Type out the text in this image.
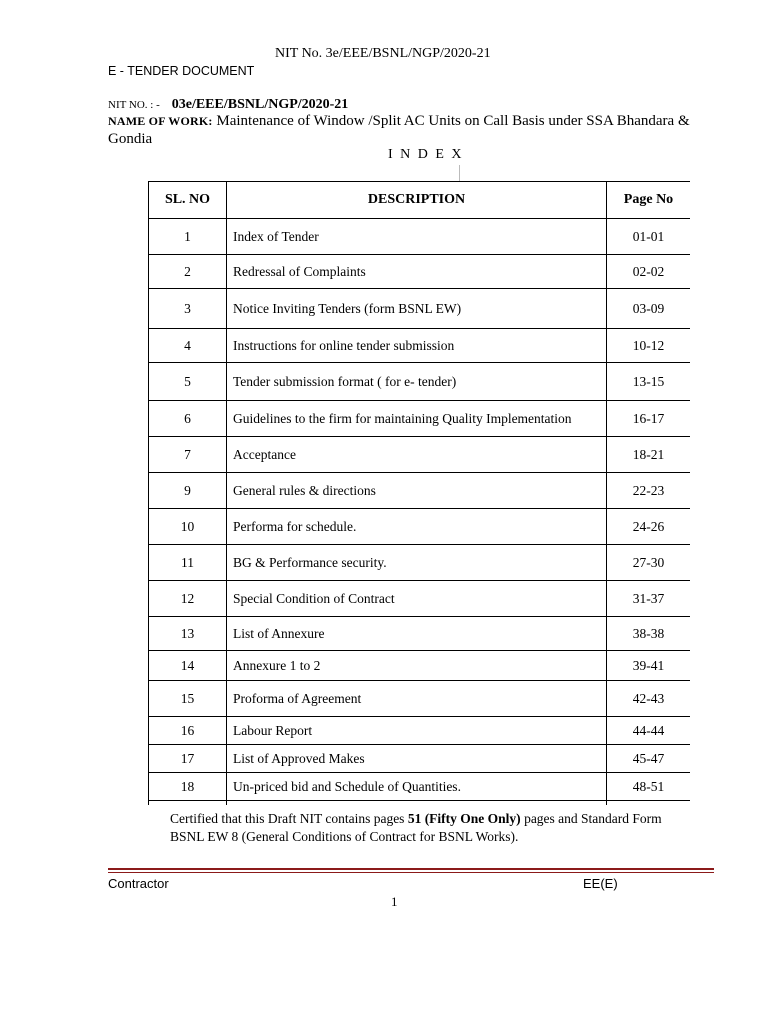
NIT No. 3e/EEE/BSNL/NGP/2020-21
E - TENDER DOCUMENT
NIT NO. : - 03e/EEE/BSNL/NGP/2020-21
NAME OF WORK: Maintenance of Window /Split AC Units on Call Basis under SSA Bhandara & Gondia
I N D E X
SL. NO	DESCRIPTION	Page No
1	Index of Tender	01-01
2	Redressal of Complaints	02-02
3	Notice Inviting Tenders (form BSNL EW)	03-09
4	Instructions for online tender submission	10-12
5	Tender submission format ( for e- tender)	13-15
6	Guidelines to the firm for maintaining Quality Implementation	16-17
7	Acceptance	18-21
9	General rules & directions	22-23
10	Performa for schedule.	24-26
11	BG & Performance security.	27-30
12	Special Condition of Contract	31-37
13	List of Annexure	38-38
14	Annexure 1 to 2	39-41
15	Proforma of Agreement	42-43
16	Labour Report	44-44
17	List of Approved Makes	45-47
18	Un-priced bid and Schedule of Quantities.	48-51

Certified that this Draft NIT contains pages 51 (Fifty One Only) pages and Standard Form BSNL EW 8 (General Conditions of Contract for BSNL Works).
Contractor	EE(E)
1
